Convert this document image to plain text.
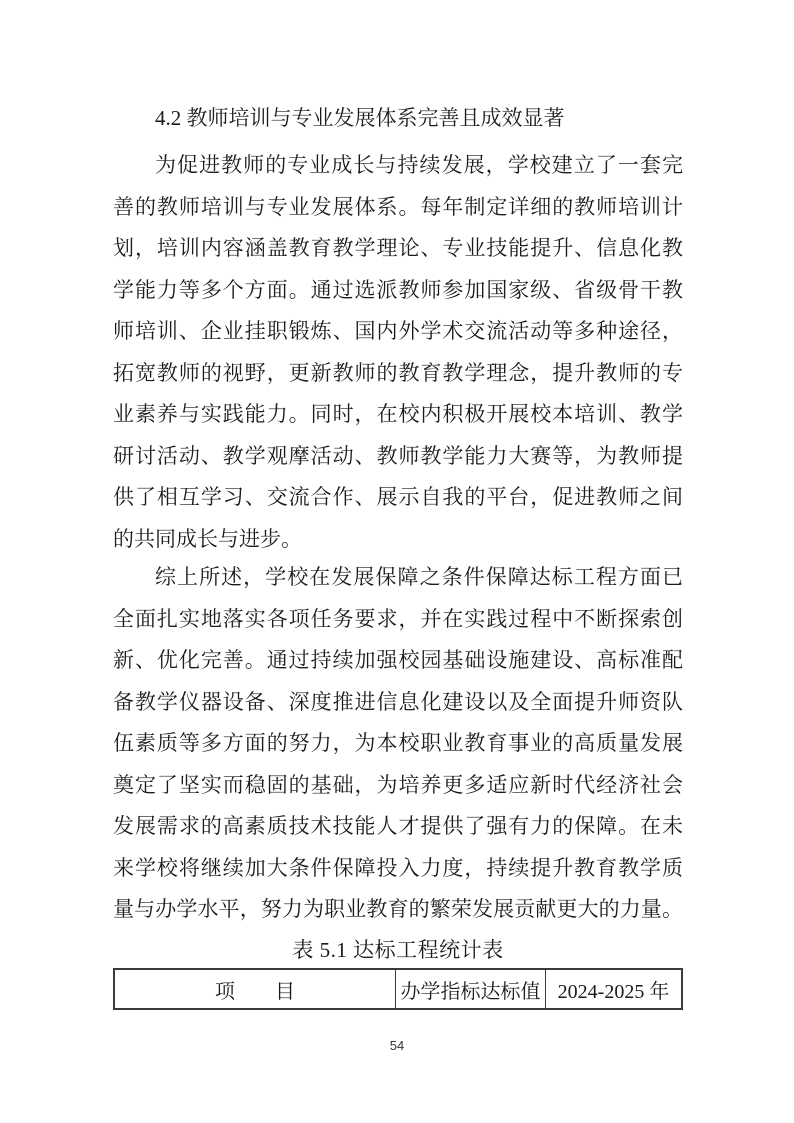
4.2 教师培训与专业发展体系完善且成效显著
为促进教师的专业成长与持续发展，学校建立了一套完
善的教师培训与专业发展体系。每年制定详细的教师培训计
划，培训内容涵盖教育教学理论、专业技能提升、信息化教
学能力等多个方面。通过选派教师参加国家级、省级骨干教
师培训、企业挂职锻炼、国内外学术交流活动等多种途径，
拓宽教师的视野，更新教师的教育教学理念，提升教师的专
业素养与实践能力。同时，在校内积极开展校本培训、教学
研讨活动、教学观摩活动、教师教学能力大赛等，为教师提
供了相互学习、交流合作、展示自我的平台，促进教师之间
的共同成长与进步。
综上所述，学校在发展保障之条件保障达标工程方面已
全面扎实地落实各项任务要求，并在实践过程中不断探索创
新、优化完善。通过持续加强校园基础设施建设、高标准配
备教学仪器设备、深度推进信息化建设以及全面提升师资队
伍素质等多方面的努力，为本校职业教育事业的高质量发展
奠定了坚实而稳固的基础，为培养更多适应新时代经济社会
发展需求的高素质技术技能人才提供了强有力的保障。在未
来学校将继续加大条件保障投入力度，持续提升教育教学质
量与办学水平，努力为职业教育的繁荣发展贡献更大的力量。
表 5.1 达标工程统计表
项　　目	办学指标达标值 2024-2025 年
54
